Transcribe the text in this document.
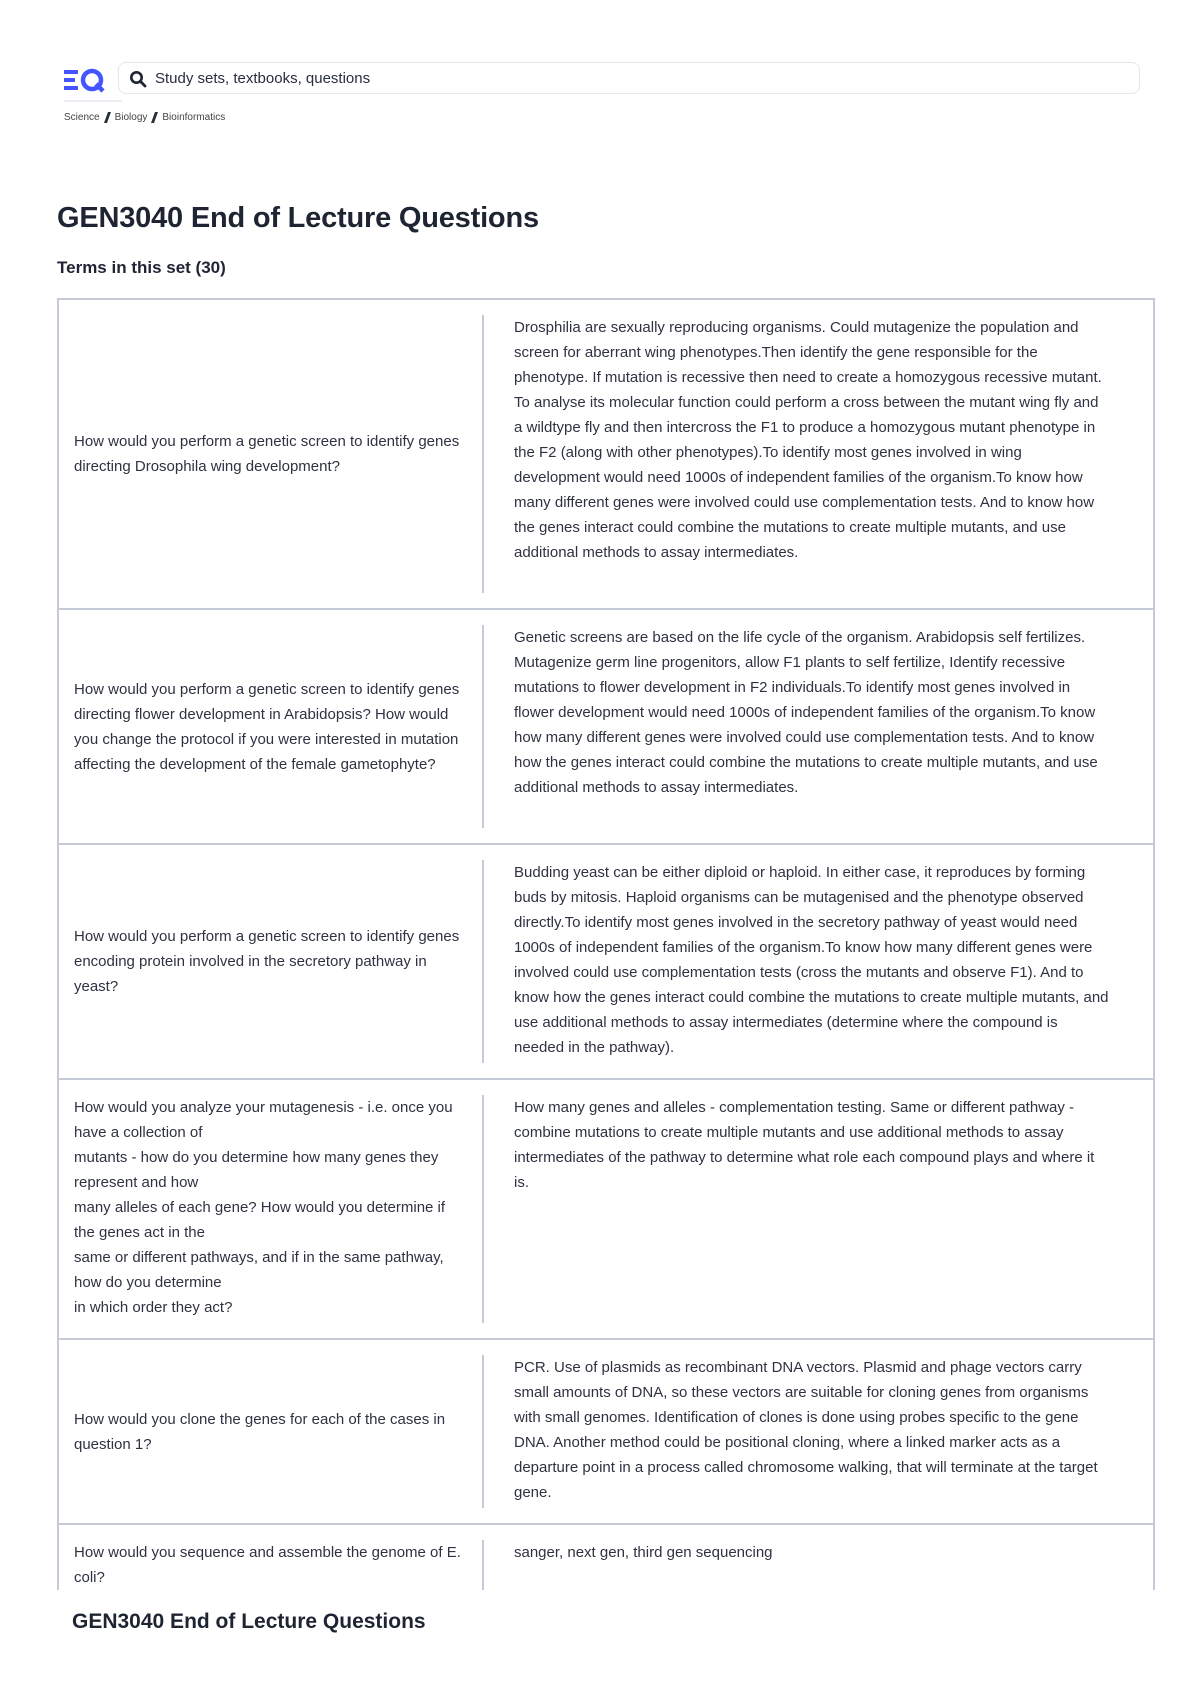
Study sets, textbooks, questions
Science Biology Bioinformatics
GEN3040 End of Lecture Questions
Terms in this set (30)
How would you perform a genetic screen to identify genes directing Drosophila wing development?
Drosphilia are sexually reproducing organisms. Could mutagenize the population and screen for aberrant wing phenotypes.Then identify the gene responsible for the phenotype. If mutation is recessive then need to create a homozygous recessive mutant. To analyse its molecular function could perform a cross between the mutant wing fly and a wildtype fly and then intercross the F1 to produce a homozygous mutant phenotype in the F2 (along with other phenotypes).To identify most genes involved in wing development would need 1000s of independent families of the organism.To know how many different genes were involved could use complementation tests. And to know how the genes interact could combine the mutations to create multiple mutants, and use additional methods to assay intermediates.
How would you perform a genetic screen to identify genes directing flower development in Arabidopsis? How would you change the protocol if you were interested in mutation affecting the development of the female gametophyte?
Genetic screens are based on the life cycle of the organism. Arabidopsis self fertilizes. Mutagenize germ line progenitors, allow F1 plants to self fertilize, Identify recessive mutations to flower development in F2 individuals.To identify most genes involved in flower development would need 1000s of independent families of the organism.To know how many different genes were involved could use complementation tests. And to know how the genes interact could combine the mutations to create multiple mutants, and use additional methods to assay intermediates.
How would you perform a genetic screen to identify genes encoding protein involved in the secretory pathway in yeast?
Budding yeast can be either diploid or haploid. In either case, it reproduces by forming buds by mitosis. Haploid organisms can be mutagenised and the phenotype observed directly.To identify most genes involved in the secretory pathway of yeast would need 1000s of independent families of the organism.To know how many different genes were involved could use complementation tests (cross the mutants and observe F1). And to know how the genes interact could combine the mutations to create multiple mutants, and use additional methods to assay intermediates (determine where the compound is needed in the pathway).
How would you analyze your mutagenesis - i.e. once you have a collection of
mutants - how do you determine how many genes they represent and how
many alleles of each gene? How would you determine if the genes act in the
same or different pathways, and if in the same pathway, how do you determine
in which order they act?
How many genes and alleles - complementation testing. Same or different pathway - combine mutations to create multiple mutants and use additional methods to assay intermediates of the pathway to determine what role each compound plays and where it is.
How would you clone the genes for each of the cases in question 1?
PCR. Use of plasmids as recombinant DNA vectors. Plasmid and phage vectors carry small amounts of DNA, so these vectors are suitable for cloning genes from organisms with small genomes. Identification of clones is done using probes specific to the gene DNA. Another method could be positional cloning, where a linked marker acts as a departure point in a process called chromosome walking, that will terminate at the target gene.
How would you sequence and assemble the genome of E. coli?
sanger, next gen, third gen sequencing
GEN3040 End of Lecture Questions
